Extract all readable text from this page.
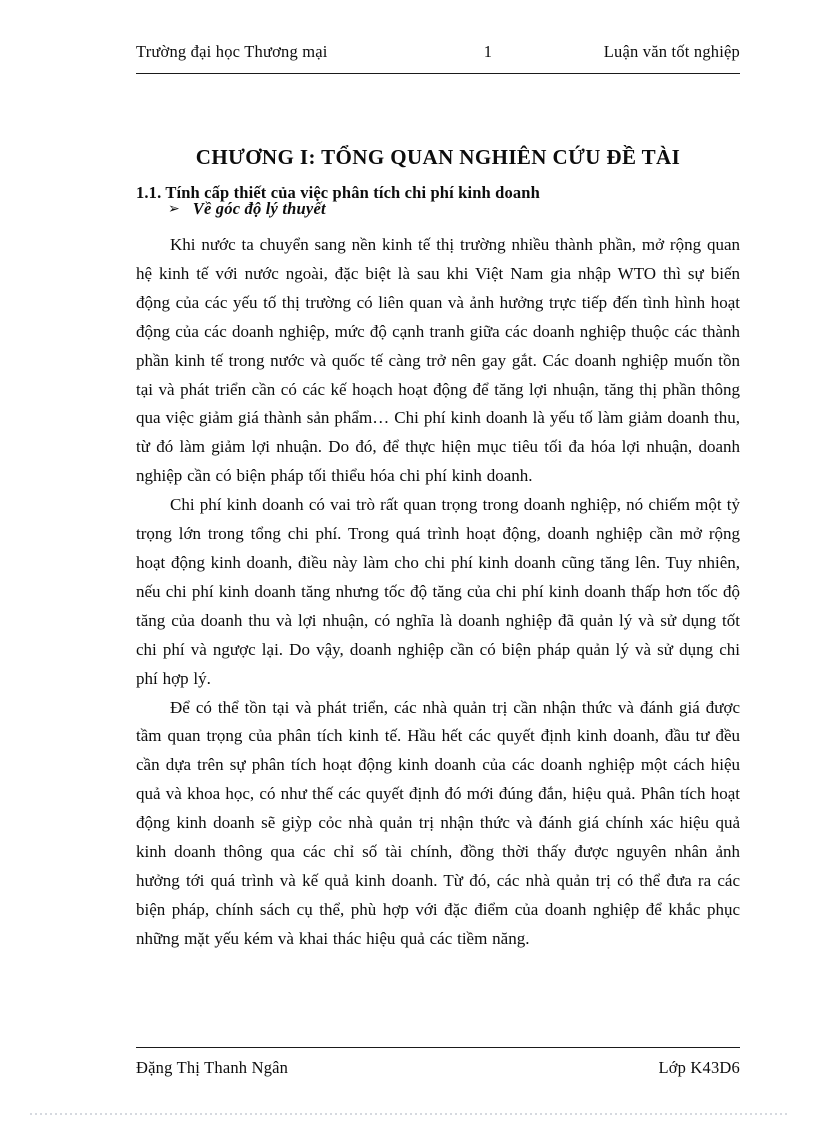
Trường đại học Thương mại	1	Luận văn tốt nghiệp
CHƯƠNG I: TỔNG QUAN NGHIÊN CỨU ĐỀ TÀI
1.1. Tính cấp thiết của việc phân tích chi phí kinh doanh
➢ Về góc độ lý thuyết

Khi nước ta chuyển sang nền kinh tế thị trường nhiều thành phần, mở rộng quan hệ kinh tế với nước ngoài, đặc biệt là sau khi Việt Nam gia nhập WTO thì sự biến động của các yếu tố thị trường có liên quan và ảnh hưởng trực tiếp đến tình hình hoạt động của các doanh nghiệp, mức độ cạnh tranh giữa các doanh nghiệp thuộc các thành phần kinh tế trong nước và quốc tế càng trở nên gay gắt. Các doanh nghiệp muốn tồn tại và phát triển cần có các kế hoạch hoạt động để tăng lợi nhuận, tăng thị phần thông qua việc giảm giá thành sản phẩm… Chi phí kinh doanh là yếu tố làm giảm doanh thu, từ đó làm giảm lợi nhuận. Do đó, để thực hiện mục tiêu tối đa hóa lợi nhuận, doanh nghiệp cần có biện pháp tối thiểu hóa chi phí kinh doanh.

Chi phí kinh doanh có vai trò rất quan trọng trong doanh nghiệp, nó chiếm một tỷ trọng lớn trong tổng chi phí. Trong quá trình hoạt động, doanh nghiệp cần mở rộng hoạt động kinh doanh, điều này làm cho chi phí kinh doanh cũng tăng lên. Tuy nhiên, nếu chi phí kinh doanh tăng nhưng tốc độ tăng của chi phí kinh doanh thấp hơn tốc độ tăng của doanh thu và lợi nhuận, có nghĩa là doanh nghiệp đã quản lý và sử dụng tốt chi phí và ngược lại. Do vậy, doanh nghiệp cần có biện pháp quản lý và sử dụng chi phí hợp lý.

Để có thể tồn tại và phát triển, các nhà quản trị cần nhận thức và đánh giá được tầm quan trọng của phân tích kinh tế. Hầu hết các quyết định kinh doanh, đầu tư đều cần dựa trên sự phân tích hoạt động kinh doanh của các doanh nghiệp một cách hiệu quả và khoa học, có như thế các quyết định đó mới đúng đắn, hiệu quả. Phân tích hoạt động kinh doanh sẽ giỳp cỏc nhà quản trị nhận thức và đánh giá chính xác hiệu quả kinh doanh thông qua các chỉ số tài chính, đồng thời thấy được nguyên nhân ảnh hưởng tới quá trình và kế quả kinh doanh. Từ đó, các nhà quản trị có thể đưa ra các biện pháp, chính sách cụ thể, phù hợp với đặc điểm của doanh nghiệp để khắc phục những mặt yếu kém và khai thác hiệu quả các tiềm năng.

Đặng Thị Thanh Ngân	Lớp K43D6
